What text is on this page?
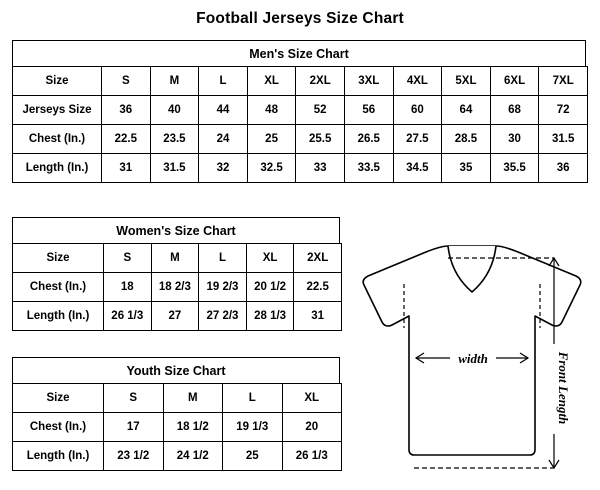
Football Jerseys Size Chart
Men's Size Chart
Size	S	M	L	XL	2XL	3XL	4XL	5XL	6XL	7XL
Jerseys Size	36	40	44	48	52	56	60	64	68	72
Chest (In.)	22.5	23.5	24	25	25.5	26.5	27.5	28.5	30	31.5
Length (In.)	31	31.5	32	32.5	33	33.5	34.5	35	35.5	36
Women's Size Chart
Size	S	M	L	XL	2XL
Chest (In.)	18	18 2/3	19 2/3	20 1/2	22.5
Length (In.)	26 1/3	27	27 2/3	28 1/3	31
Youth Size Chart
Size	S	M	L	XL
Chest (In.)	17	18 1/2	19 1/3	20
Length (In.)	23 1/2	24 1/2	25	26 1/3
width	Front Length
